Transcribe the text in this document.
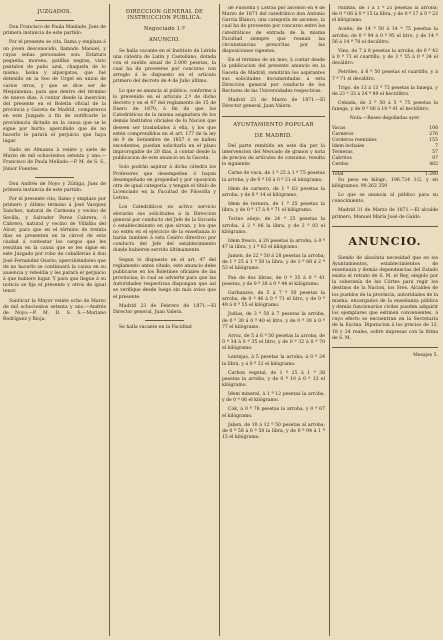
JUZGADOS.

Don Francisco de Paula Manlade, Juez de primera instancia de este partido.

Por el presente se cita, llama y emplaza á un joven desconocido, llamado Manuel, y cuyas señas personales son: Estatura pequeña, moreno, patillas negras, visto pantalon de paño azul, chaqueta de lo mismo, boina y alpargatas, que fué detenido en la Seo de Urgel en union de varios otros, y que se dice ser de Mequinenza; para que dentro del término de nueve dias, á contar desde la insercion del presente en el Boletin oficial de la provincia y Gaceta de Madrid, comparezca en este Juzgado á fin de notificarle la providencia dictada en la causa que se le sigue por hurto; apercibido que de no hacerlo le parará el perjuicio que haya lugar.

Dado en Almansa á veinte y siete de Marzo de mil ochocientos setenta y uno.—Francisco de Paula Mellado.—P. M. de S. S., Júnior Fuentes.

Don Andrés de Noyo y Zúñiga, Juez de primera instancia de este partido.

Por el presente cito, llamo y emplazo por primero y último término á José Vazquez Sanchez, natural de Carmona y vecino de Sevilla, y Salvador Perez Cabrera, ó Cabrero, natural y vecino de Villalba del Alcor, para que en el término de treinta dias se presenten en la cárcel de esta ciudad á contestar los cargos que les resultan en la causa que se les sigue en este Juzgado por robo de caballerías á don José Fernandez Osorio; apercibiéndoles que de no hacerlo se continuará la causa en su ausencia y rebeldía y les parará el perjuicio á que hubiere lugar. Y para que llegue á su noticia se fija el presente y otros de igual tenor.

Sanlúcar la Mayor veinte ocho de Marzo de mil ochocientos setenta y uno.—Andrés de Noyo.—P. M. D. S. S.—Mariano Rodríguez y Rioja.

DIRECCION GENERAL DE INSTRUCCION PÚBLICA.
Negociado 1.º
ANUNCIO.

Se halla vacante en el Instituto de Lérida una cátedra de Latin y Castellano, dotada con el sueldo anual de 2.000 pesetas, la cual ha de proveerse por concurso con arreglo á lo dispuesto en el artículo primero del decreto de 4 de Julio último.

Lo que se anuncia al público, conforme á lo prevenido en el artículo 2.º de dicho decreto y en el 47 del reglamento de 15 de Enero de 1870, á fin de que los Catedráticos de la misma asignatura de los demás Institutos oficiales de la Nacion que deseen ser trasladados á ella, y los que estén comprendidos en el art. 177 de la ley de 9 de Setiembre de 1857 ó se hallen excedentes, puedan solicitarla en el plazo improrogable de 20 dias, á contar desde la publicacion de este anuncio en la Gaceta.

Solo podrán aspirar á dicha cátedra los Profesores que desempeñen ó hayan desempeñado en propiedad y por oposicion otra de igual categoría, y tengan el título de Licenciado en la Facultad de Filosofía y Letras.

Los Catedráticos en activo servicio elevarán sus solicitudes á la Direccion general por conducto del Jefe de la Escuela ó establecimiento en que sirvan, y los que no estén en el ejercicio de la enseñanza lo harán tambien á esta Centro directivo por conducto del Jefe del establecimiento donde hubieren servido últimamente.

Segun lo dispuesto en el art. 47 del reglamento antes citado, este anuncio debe publicarse en los Boletines oficiales de las provincias; lo cual se advierte para que las Autoridades respectivas dispongan que así se verifique desde luego sin más aviso que el presente.

Madrid 23 de Febrero de 1871.—El Director general, Juan Valera.

Se halla vacante en la Facultad

de Filosofía y Letras por ascenso en 4 de Marzo de 1871 del catedrático don Antonio García Blanco, una categoría de ascenso, la cual ha de proveerse por concurso entre los catedráticos de entrada de la misma Facultad siempre que reunan las circunstancias prescritas por las disposiciones vigentes.

En el término de un mes, á contar desde la publicacion del presente anuncio en la Gaceta de Madrid, remitirán los aspirantes sus solicitudes documentadas á esta Direccion general por conducto de los Rectores de las Universidades respectivas.

Madrid 23 de Marzo de 1871.—El Director general, Juan Valera.

AYUNTAMIENTO POPULAR
DE MADRID.

Del parte remitido en este dia por la intervencion del Mercado de granos y nota de precios de artículos de consumo, resulta lo siguiente:

Carne de vaca, de 1 ª 25 á 1 ª 75 pesetas la arroba, y de 0 ª 16 á 0 ª 21 el kilógramo.

Idem de carnero, de 1 ª 63 pesetas la arroba, y de 0 ª 14 el kilógramo.

Idem de ternera, de 1 ª 25 pesetas la libra, y de 0 ª 17 á 0 ª 71 el kilógramo.

Tocino añejo, de 24 ª 25 pesetas la arroba, á 2 ª 06 la libra, y de 2 ª 03 el kilógramo.

Idem fresco, á 20 pesetas la arroba, á 0 ª 47 la libra, y 1 ª 63 el kilógramo.

Jamon, de 22 ª 50 á 28 pesetas la arroba; de 1 ª 25 á 1 ª 50 la libra, y de 1 ª 88 á 2 ª 53 el kilógramo.

Pan de dos libras, de 0 ª 35 á 0 ª 41 pesetas, y de 0 ª 38 á 0 ª 44 el kilógramo.

Garbanzos, de 5 á 7 ª 50 pesetas la arroba, de 0 ª 46 á 0 ª 71 el litro, y de 0 ª 49 á 0 ª 55 el kilógramo.

Judías, de 3 ª 50 á 7 pesetas la arroba, de 0 ª 30 á 0 ª 40 el litro, y de 0 ª 30 á 0 ª 77 el kilógramo.

Arroz, de 5 á 6 ª 50 pesetas la arroba, de 0 ª 34 á 0 ª 35 el litro, y de 0 ª 32 á 0 ª 70 el kilógramo.

Lentejas, á 5 pesetas la arroba; á 0 ª 24 la libra, y á 0 ª 32 el kilógramo.

Carbon vegetal, de 1 ª 25 á 1 ª 38 pesetas la arroba, y de 0 ª 10 á 0 ª 13 el kilógramo.

Idem mineral, á 1 ª 12 pesetas la arroba, y de 0 ª 06 el kilógramo.

Cok, á 0 ª 78 pesetas la arroba, y 0 ª 07 el kilógramo.

Jabon, de 10 á 12 ª 50 pesetas al arroba; de 0 ª 58 á 0 ª 50 la libra, y de 0 ª 94 á 1 ª 15 el kilógramo.

Patatas, de 1 á 1 ª 25 pesetas la arroba; de 0 ª 06 á 0 ª 15 la libra, y de 0 ª 17 á 0 ª 22 el kilógramo.

Aceite, de 14 ª 50 á 14 ª 75 pesetas la arroba; de 0 ª 94 á 0 ª 95 el litro, y de 14 ª 56 á 14 ª 78 el decálitro.

Vino, de 7 á 8 pesetas la arroba; de 0 ª 42 á 0 ª 71 el cuartillo, y de 3 ª 55 á 0 ª 34 el decálitro.

Petróleo, á 8 ª 50 pesetas el cuartillo, y á 7 ª 71 el decálitro.

Trigo, de 13 á 13 ª 75 pesetas la fanega, y de 23 ª 33 á 24 ª 89 el hectólitro.

Cebada, de 3 ª 50 á 5 ª 75 pesetas la fanega, y de 9 ª 06 á 10 ª 41 el hectólitro.

Nota.—Reses degolladas ayer.

Vacas	106
Carneros	276
Corderos reentales	155
Idem lechales	7
Terneras	57
Cabritos	97
Cerdos	482
Total	1.280

Su peso en kilógr., 196.724 1/2, y en kilógramos. 90.263 359

Lo que se anuncia al público para su conocimiento.

Madrid 31 de Marzo de 1871.—El alcalde primero, Manuel María José de Galdo.

ANUNCIO.

Siendo de absoluta necesidad que en los Ayuntamientos, establecimientos de enseñanza y demás dependencias del Estado exista el retrato de S. M. el Rey, elegido por la soberanía de las Córtes para regir los destinos de la Nacion, los Sres. Alcaldes de los pueblos de la provincia, autoridades de la misma, encargados de la enseñanza pública y demás funcionarios civiles pueden adquirir los ejemplares que estimen convenientes, á cuyo efecto se encuentran en la Secretaría de la Excma. Diputacion á los precios de 12, 18 y 24 reales, sobre impresas con la firma de S. M.

Mesajes 5.
